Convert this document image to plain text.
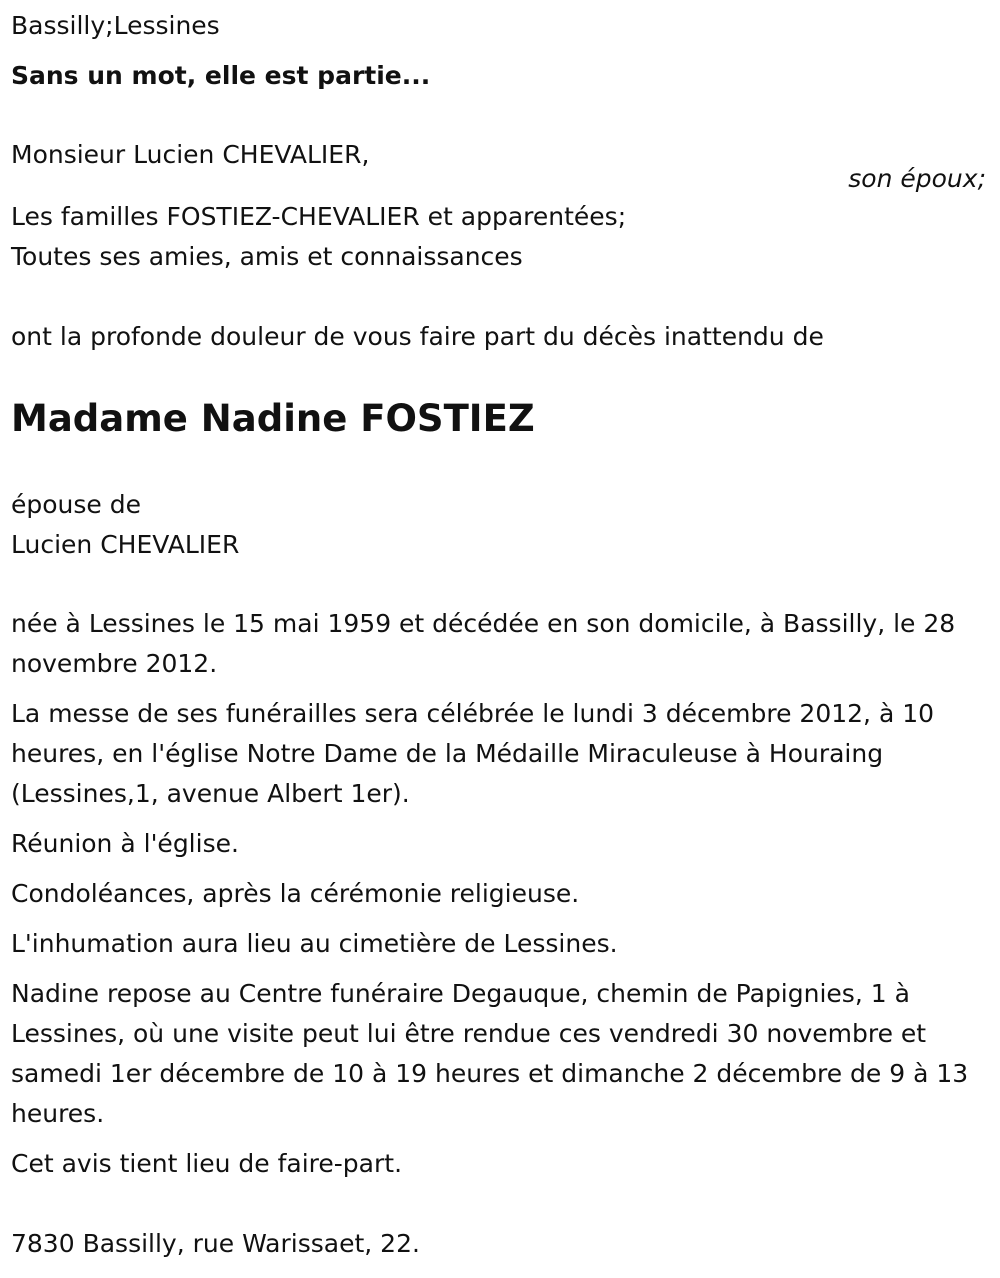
Bassilly;Lessines

Sans un mot, elle est partie...

Monsieur Lucien CHEVALIER,

son époux;

Les familles FOSTIEZ-CHEVALIER et apparentées;

Toutes ses amies, amis et connaissances

ont la profonde douleur de vous faire part du décès inattendu de

Madame Nadine FOSTIEZ

épouse de

Lucien CHEVALIER

née à Lessines le 15 mai 1959 et décédée en son domicile, à Bassilly, le 28 novembre 2012.

La messe de ses funérailles sera célébrée le lundi 3 décembre 2012, à 10 heures, en l'église Notre Dame de la Médaille Miraculeuse à Houraing (Lessines,1, avenue Albert 1er).

Réunion à l'église.

Condoléances, après la cérémonie religieuse.

L'inhumation aura lieu au cimetière de Lessines.

Nadine repose au Centre funéraire Degauque, chemin de Papignies, 1 à Lessines, où une visite peut lui être rendue ces vendredi 30 novembre et samedi 1er décembre de 10 à 19 heures et dimanche 2 décembre de 9 à 13 heures.

Cet avis tient lieu de faire-part.

7830 Bassilly, rue Warissaet, 22.
